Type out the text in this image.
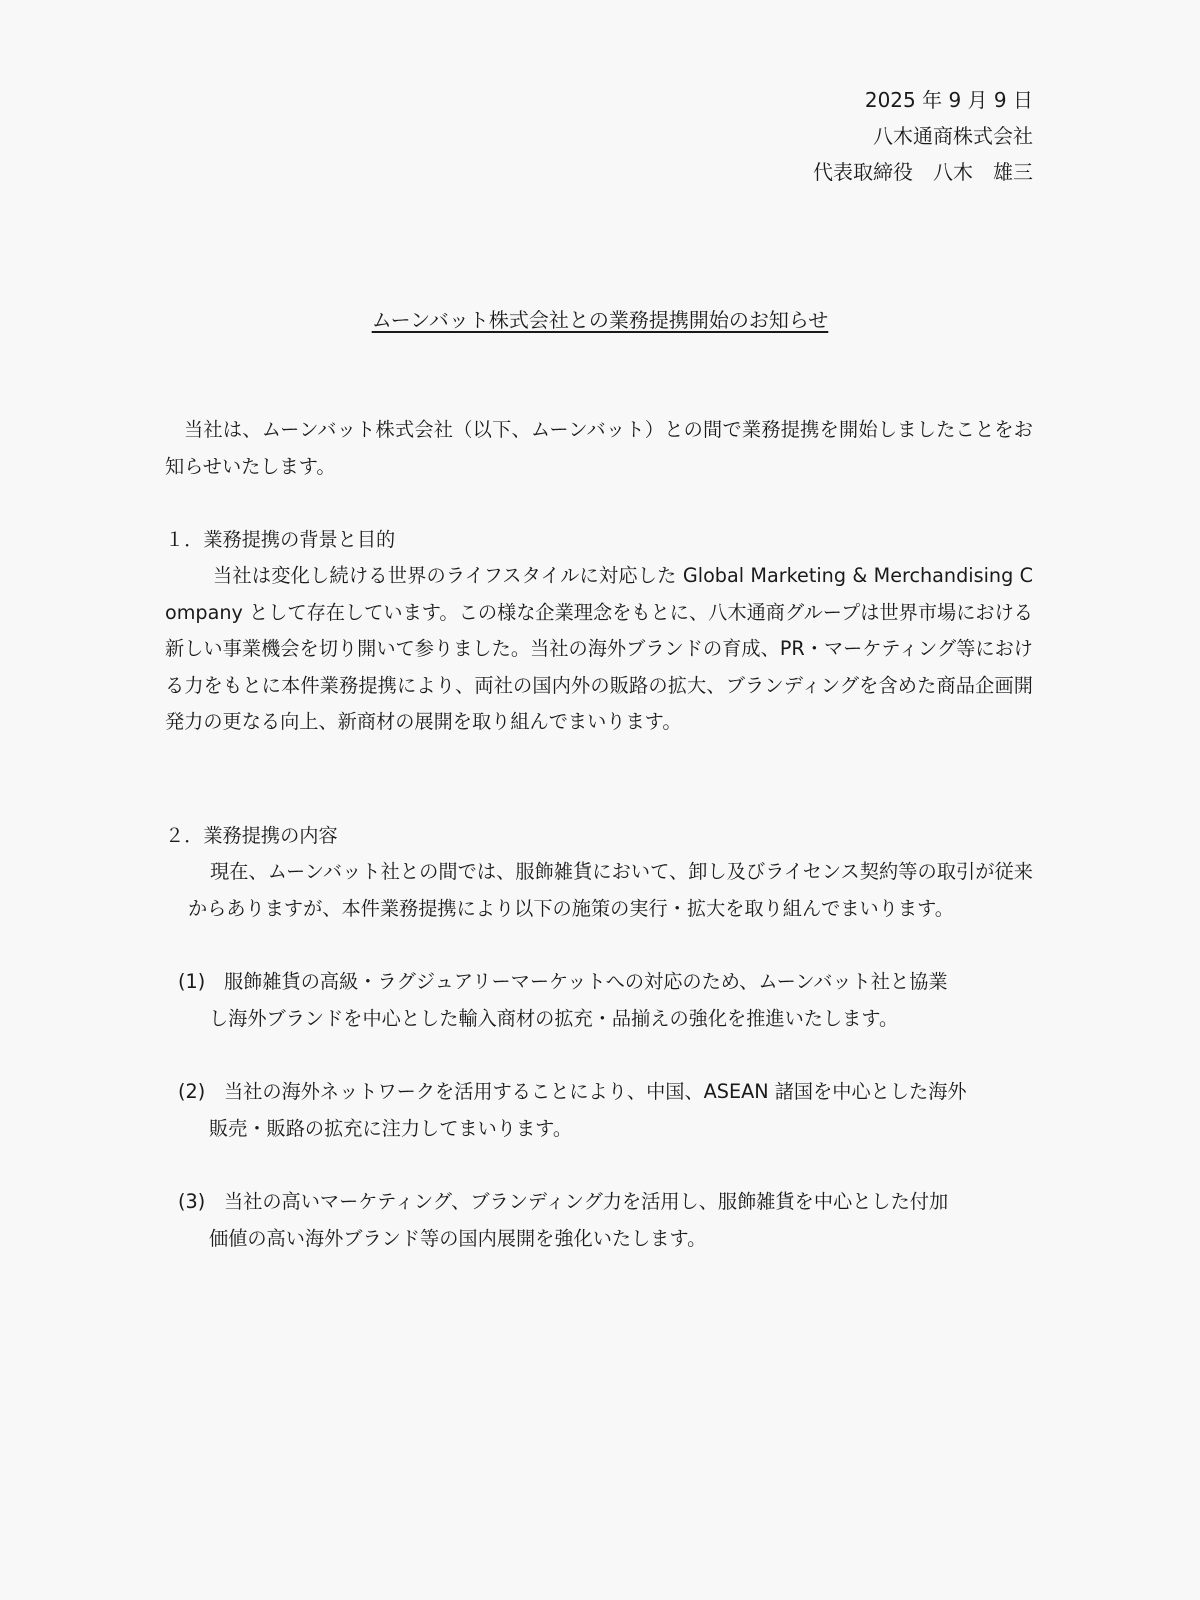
2025 年 9 月 9 日
八木通商株式会社
代表取締役　八木　雄三
ムーンバット株式会社との業務提携開始のお知らせ
当社は、ムーンバット株式会社（以下、ムーンバット）との間で業務提携を開始しましたことをお知らせいたします。
１．業務提携の背景と目的
当社は変化し続ける世界のライフスタイルに対応した Global Marketing & Merchandising Company として存在しています。この様な企業理念をもとに、八木通商グループは世界市場における新しい事業機会を切り開いて参りました。当社の海外ブランドの育成、PR・マーケティング等における力をもとに本件業務提携により、両社の国内外の販路の拡大、ブランディングを含めた商品企画開発力の更なる向上、新商材の展開を取り組んでまいります。
２．業務提携の内容
現在、ムーンバット社との間では、服飾雑貨において、卸し及びライセンス契約等の取引が従来からありますが、本件業務提携により以下の施策の実行・拡大を取り組んでまいります。
(1) 服飾雑貨の高級・ラグジュアリーマーケットへの対応のため、ムーンバット社と協業
し海外ブランドを中心とした輸入商材の拡充・品揃えの強化を推進いたします。
(2) 当社の海外ネットワークを活用することにより、中国、ASEAN 諸国を中心とした海外
販売・販路の拡充に注力してまいります。
(3) 当社の高いマーケティング、ブランディング力を活用し、服飾雑貨を中心とした付加
価値の高い海外ブランド等の国内展開を強化いたします。
